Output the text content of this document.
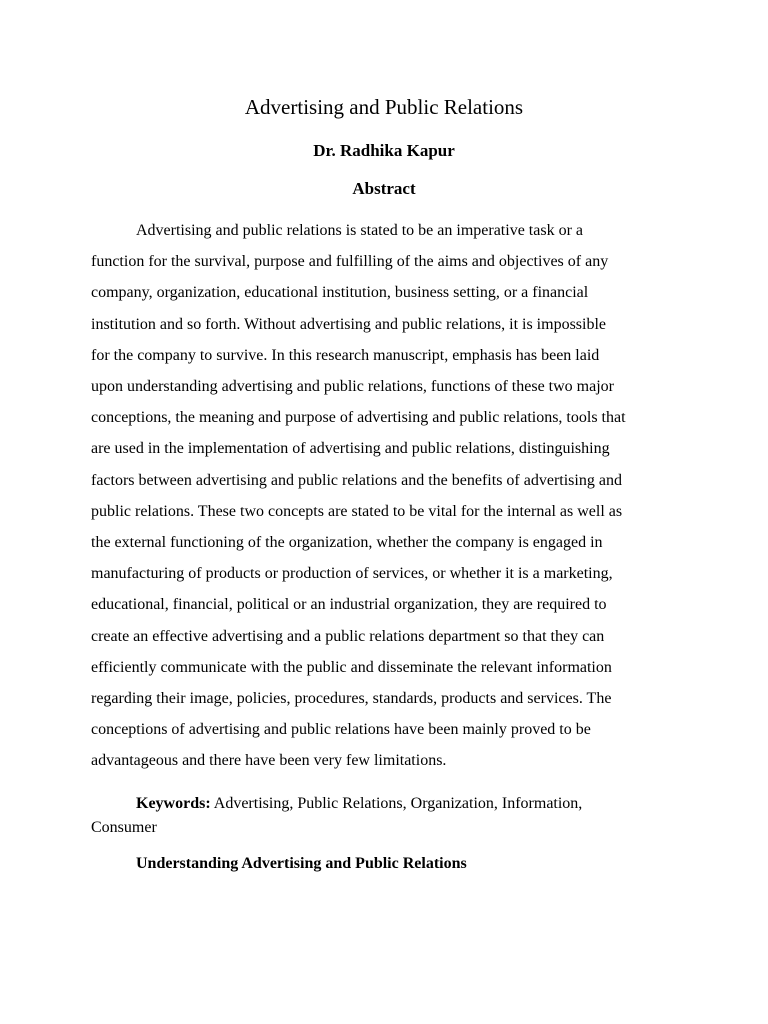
Advertising and Public Relations
Dr. Radhika Kapur
Abstract
Advertising and public relations is stated to be an imperative task or a
function for the survival, purpose and fulfilling of the aims and objectives of any
company, organization, educational institution, business setting, or a financial
institution and so forth. Without advertising and public relations, it is impossible
for the company to survive. In this research manuscript, emphasis has been laid
upon understanding advertising and public relations, functions of these two major
conceptions, the meaning and purpose of advertising and public relations, tools that
are used in the implementation of advertising and public relations, distinguishing
factors between advertising and public relations and the benefits of advertising and
public relations. These two concepts are stated to be vital for the internal as well as
the external functioning of the organization, whether the company is engaged in
manufacturing of products or production of services, or whether it is a marketing,
educational, financial, political or an industrial organization, they are required to
create an effective advertising and a public relations department so that they can
efficiently communicate with the public and disseminate the relevant information
regarding their image, policies, procedures, standards, products and services. The
conceptions of advertising and public relations have been mainly proved to be
advantageous and there have been very few limitations.
Keywords: Advertising, Public Relations, Organization, Information,
Consumer
Understanding Advertising and Public Relations
